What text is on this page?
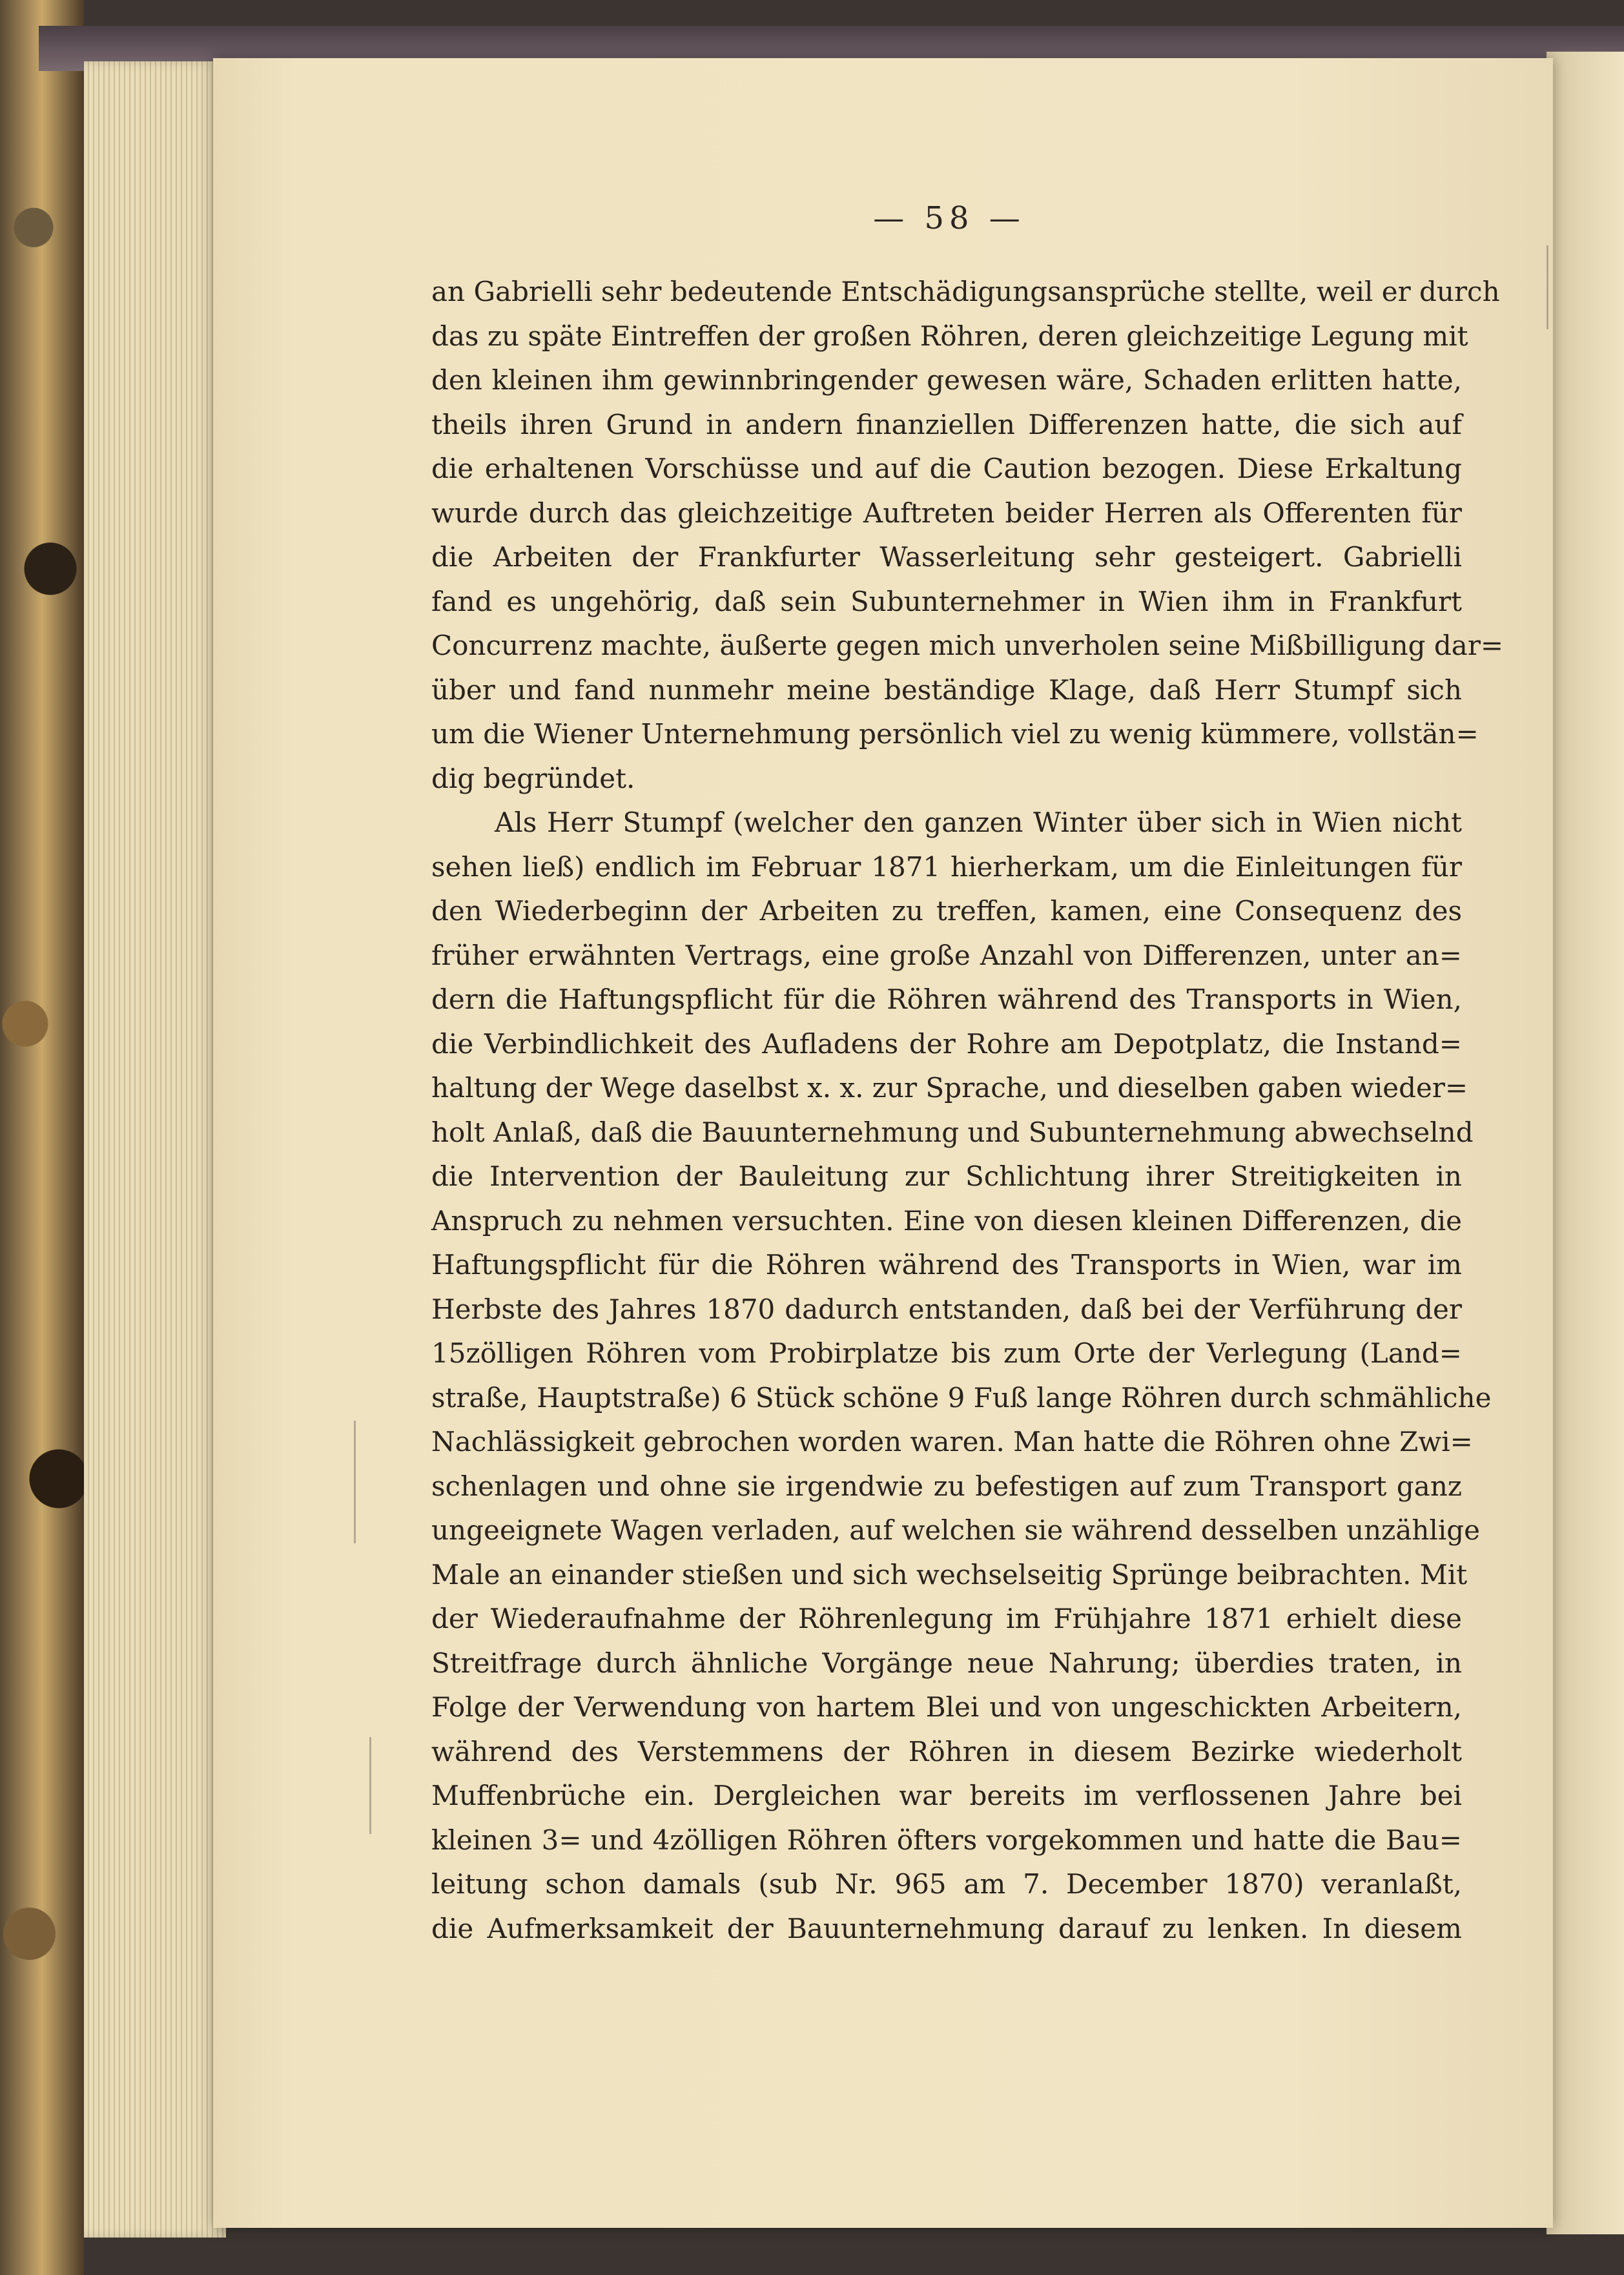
— 58 —
an Gabrielli sehr bedeutende Entschädigungsansprüche stellte, weil er durch
das zu späte Eintreffen der großen Röhren, deren gleichzeitige Legung mit
den kleinen ihm gewinnbringender gewesen wäre, Schaden erlitten hatte,
theils ihren Grund in andern finanziellen Differenzen hatte, die sich auf
die erhaltenen Vorschüsse und auf die Caution bezogen. Diese Erkaltung
wurde durch das gleichzeitige Auftreten beider Herren als Offerenten für
die Arbeiten der Frankfurter Wasserleitung sehr gesteigert. Gabrielli
fand es ungehörig, daß sein Subunternehmer in Wien ihm in Frankfurt
Concurrenz machte, äußerte gegen mich unverholen seine Mißbilligung dar=
über und fand nunmehr meine beständige Klage, daß Herr Stumpf sich
um die Wiener Unternehmung persönlich viel zu wenig kümmere, vollstän=
dig begründet.
Als Herr Stumpf (welcher den ganzen Winter über sich in Wien nicht
sehen ließ) endlich im Februar 1871 hierherkam, um die Einleitungen für
den Wiederbeginn der Arbeiten zu treffen, kamen, eine Consequenz des
früher erwähnten Vertrags, eine große Anzahl von Differenzen, unter an=
dern die Haftungspflicht für die Röhren während des Transports in Wien,
die Verbindlichkeit des Aufladens der Rohre am Depotplatz, die Instand=
haltung der Wege daselbst x. x. zur Sprache, und dieselben gaben wieder=
holt Anlaß, daß die Bauunternehmung und Subunternehmung abwechselnd
die Intervention der Bauleitung zur Schlichtung ihrer Streitigkeiten in
Anspruch zu nehmen versuchten. Eine von diesen kleinen Differenzen, die
Haftungspflicht für die Röhren während des Transports in Wien, war im
Herbste des Jahres 1870 dadurch entstanden, daß bei der Verführung der
15zölligen Röhren vom Probirplatze bis zum Orte der Verlegung (Land=
straße, Hauptstraße) 6 Stück schöne 9 Fuß lange Röhren durch schmähliche
Nachlässigkeit gebrochen worden waren. Man hatte die Röhren ohne Zwi=
schenlagen und ohne sie irgendwie zu befestigen auf zum Transport ganz
ungeeignete Wagen verladen, auf welchen sie während desselben unzählige
Male an einander stießen und sich wechselseitig Sprünge beibrachten. Mit
der Wiederaufnahme der Röhrenlegung im Frühjahre 1871 erhielt diese
Streitfrage durch ähnliche Vorgänge neue Nahrung; überdies traten, in
Folge der Verwendung von hartem Blei und von ungeschickten Arbeitern,
während des Verstemmens der Röhren in diesem Bezirke wiederholt
Muffenbrüche ein. Dergleichen war bereits im verflossenen Jahre bei
kleinen 3= und 4zölligen Röhren öfters vorgekommen und hatte die Bau=
leitung schon damals (sub Nr. 965 am 7. December 1870) veranlaßt,
die Aufmerksamkeit der Bauunternehmung darauf zu lenken. In diesem
